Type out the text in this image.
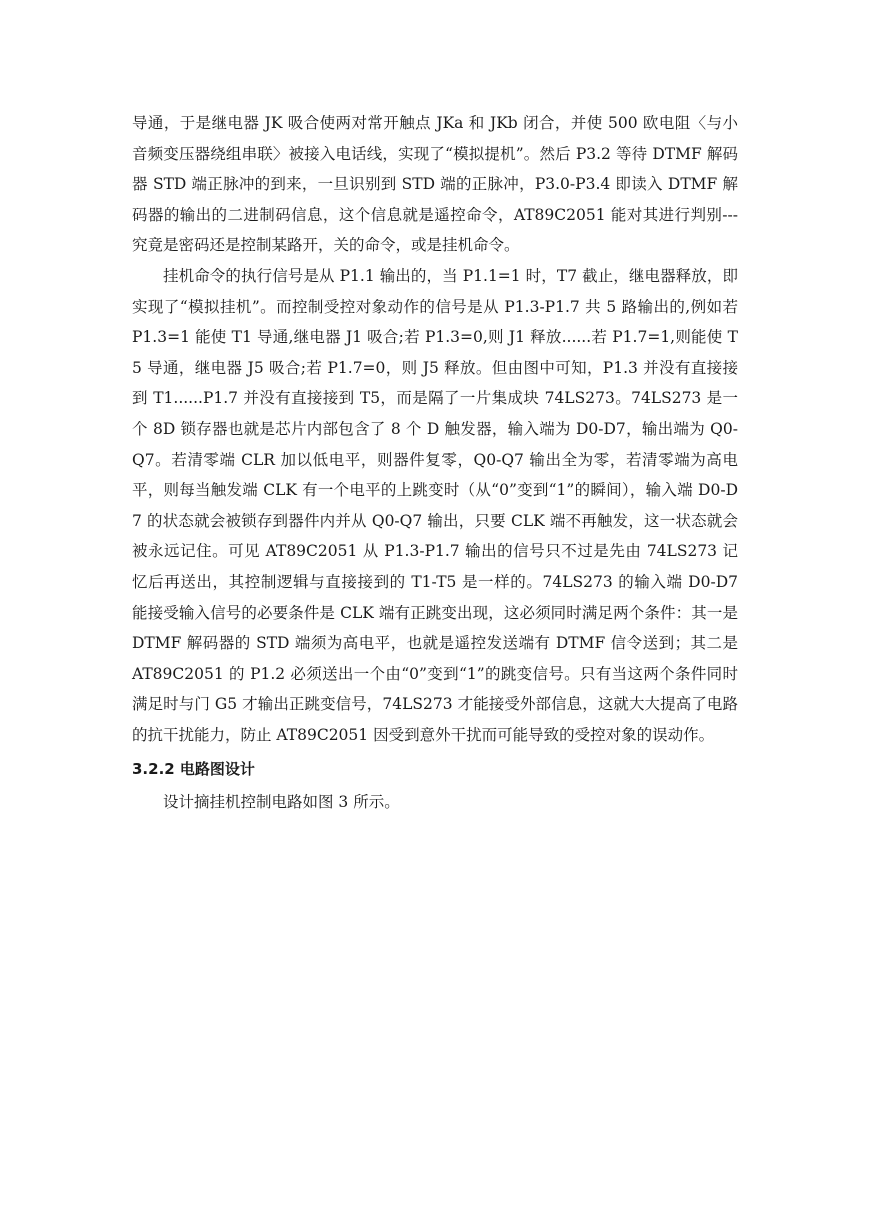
导通，于是继电器 JK 吸合使两对常开触点 JKa 和 JKb 闭合，并使 500 欧电阻〈与小音频变压器绕组串联〉被接入电话线，实现了“模拟提机”。然后 P3.2 等待 DTMF 解码器 STD 端正脉冲的到来，一旦识别到 STD 端的正脉冲，P3.0-P3.4 即读入 DTMF 解码器的输出的二进制码信息，这个信息就是遥控命令，AT89C2051 能对其进行判别---究竟是密码还是控制某路开，关的命令，或是挂机命令。

挂机命令的执行信号是从 P1.1 输出的，当 P1.1=1 时，T7 截止，继电器释放，即实现了“模拟挂机”。而控制受控对象动作的信号是从 P1.3-P1.7 共 5 路输出的,例如若 P1.3=1 能使 T1 导通,继电器 J1 吸合;若 P1.3=0,则 J1 释放......若 P1.7=1,则能使 T5 导通，继电器 J5 吸合;若 P1.7=0，则 J5 释放。但由图中可知，P1.3 并没有直接接到 T1......P1.7 并没有直接接到 T5，而是隔了一片集成块 74LS273。74LS273 是一个 8D 锁存器也就是芯片内部包含了 8 个 D 触发器，输入端为 D0-D7，输出端为 Q0-Q7。若清零端 CLR 加以低电平，则器件复零，Q0-Q7 输出全为零，若清零端为高电平，则每当触发端 CLK 有一个电平的上跳变时（从“0”变到“1”的瞬间），输入端 D0-D7 的状态就会被锁存到器件内并从 Q0-Q7 输出，只要 CLK 端不再触发，这一状态就会被永远记住。可见 AT89C2051 从 P1.3-P1.7 输出的信号只不过是先由 74LS273 记忆后再送出，其控制逻辑与直接接到的 T1-T5 是一样的。74LS273 的输入端 D0-D7 能接受输入信号的必要条件是 CLK 端有正跳变出现，这必须同时满足两个条件：其一是 DTMF 解码器的 STD 端须为高电平，也就是遥控发送端有 DTMF 信令送到；其二是 AT89C2051 的 P1.2 必须送出一个由“0”变到“1”的跳变信号。只有当这两个条件同时满足时与门 G5 才输出正跳变信号，74LS273 才能接受外部信息，这就大大提高了电路的抗干扰能力，防止 AT89C2051 因受到意外干扰而可能导致的受控对象的误动作。

3.2.2 电路图设计

设计摘挂机控制电路如图 3 所示。
